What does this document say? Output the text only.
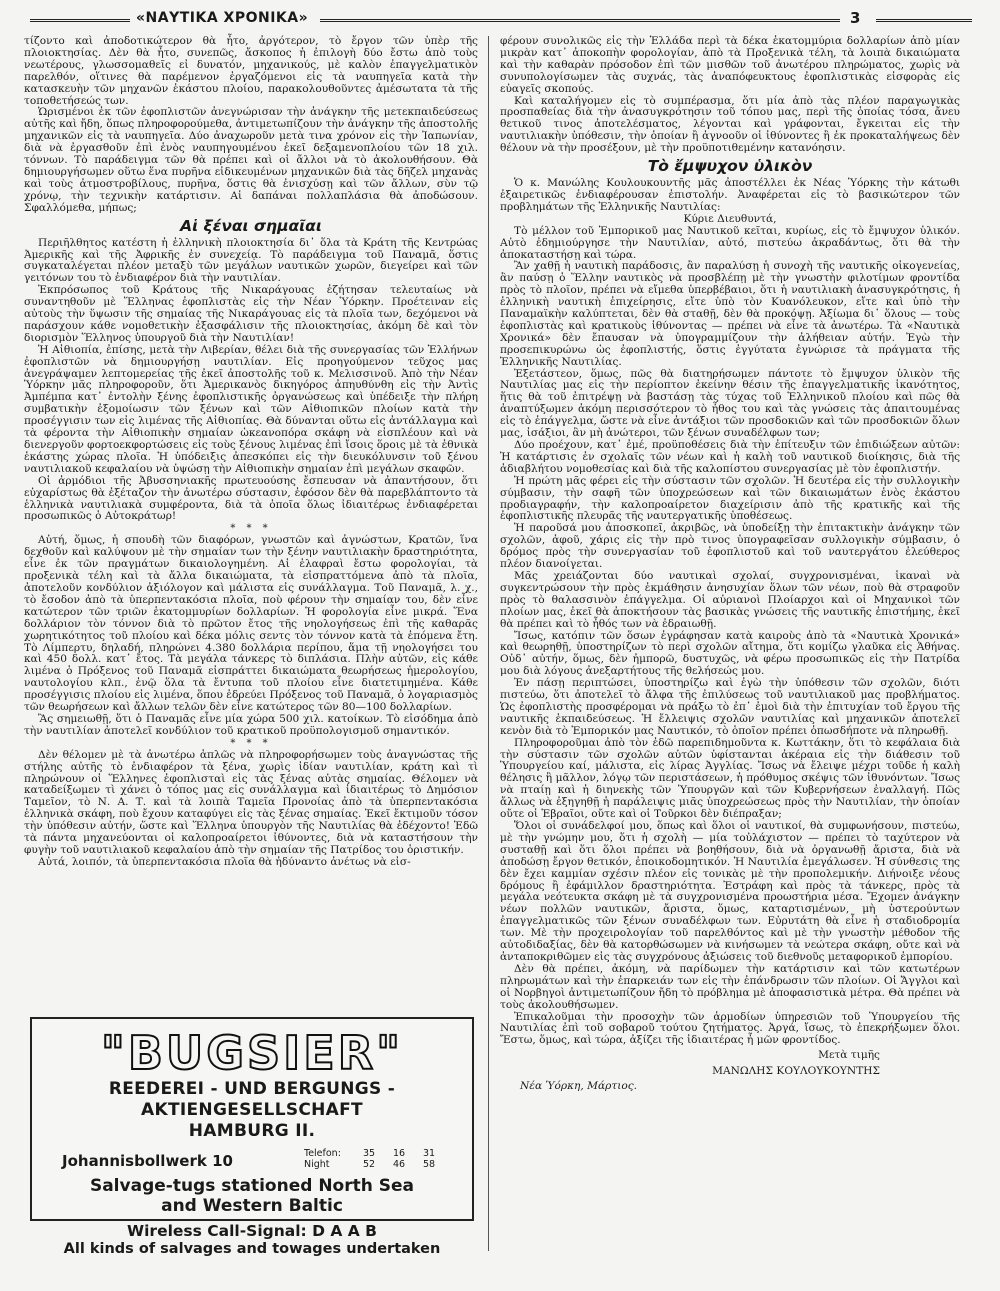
«ΝΑΥΤΙΚΑ ΧΡΟΝΙΚΑ»	3

τίζοντο καὶ ἀποδοτικώτερον θὰ ἦτο, ἀργότερον, τὸ ἔργον τῶν ὑπὲρ τῆς πλοιοκτησίας. Δὲν θὰ ἦτο, συνεπῶς, ἄσκοπος ἡ ἐπιλογὴ δύο ἔστω ἀπὸ τοὺς νεωτέρους, γλωσσομαθεῖς εἰ δυνατόν, μηχανικούς, μὲ καλὸν ἐπαγγελματικὸν παρελθόν, οἵτινες θὰ παρέμενον ἐργαζόμενοι εἰς τὰ ναυπηγεῖα κατὰ τὴν κατασκευὴν τῶν μηχανῶν ἑκάστου πλοίου, παρακολουθοῦντες ἀμέσωτατα τὰ τῆς τοποθετήσεώς των.

Ὡρισμένοι ἐκ τῶν ἐφοπλιστῶν ἀνεγνώρισαν τὴν ἀνάγκην τῆς μετεκπαιδεύσεως αὐτῆς καὶ ἤδη, ὅπως πληροφορούμεθα, ἀντιμετωπίζουν τὴν ἀνάγκην τῆς ἀποστολῆς μηχανικῶν εἰς τὰ ναυπηγεῖα. Δύο ἀναχωροῦν μετὰ τινα χρόνον εἰς τὴν Ἰαπωνίαν, διὰ νὰ ἐργασθοῦν ἐπὶ ἑνὸς ναυπηγουμένου ἐκεῖ δεξαμενοπλοίου τῶν 18 χιλ. τόννων. Τὸ παράδειγμα τῶν θὰ πρέπει καὶ οἱ ἄλλοι νὰ τὸ ἀκολουθήσουν. Θὰ δημιουργήσωμεν οὕτω ἕνα πυρῆνα εἰδικευμένων μηχανικῶν διὰ τὰς δῆζελ μηχανὰς καὶ τοὺς ἀτμοστροβίλους, πυρῆνα, ὅστις θὰ ἐνισχύσῃ καὶ τῶν ἄλλων, σὺν τῷ χρόνῳ, τὴν τεχνικὴν κατάρτισιν. Αἱ δαπάναι πολλαπλάσια θὰ ἀποδώσουν. Σφαλλόμεθα, μήπως;

Αἱ ξέναι σημαῖαι

Περιῆλθητος κατέστη ἡ ἑλληνικὴ πλοιοκτησία δι᾽ ὅλα τὰ Κράτη τῆς Κεντρώας Ἀμερικῆς καὶ τῆς Ἀφρικῆς ἐν συνεχείᾳ. Τὸ παράδειγμα τοῦ Παναμᾶ, ὅστις συγκαταλέγεται πλέον μεταξὺ τῶν μεγάλων ναυτικῶν χωρῶν, διεγείρει καὶ τῶν γειτόνων του τὸ ἐνδιαφέρον διὰ τὴν ναυτιλίαν.

Ἐκπρόσωπος τοῦ Κράτους τῆς Νικαράγουας ἐζήτησαν τελευταίως νὰ συναντηθοῦν μὲ Ἕλληνας ἐφοπλιστὰς εἰς τὴν Νέαν Ὑόρκην. Προέτειναν εἰς αὐτοὺς τὴν ὕψωσιν τῆς σημαίας τῆς Νικαράγουας εἰς τὰ πλοῖα των, δεχόμενοι νὰ παράσχουν κάθε νομοθετικὴν ἐξασφάλισιν τῆς πλοιοκτησίας, ἀκόμη δὲ καὶ τὸν διορισμὸν Ἕλληνος ὑπουργοῦ διὰ τὴν Ναυτιλίαν!

Ἡ Αἰθιοπία, ἐπίσης, μετὰ τὴν Λιβερίαν, θέλει διὰ τῆς συνεργασίας τῶν Ἑλλήνων ἐφοπλιστῶν νὰ δημιουργήσῃ ναυτιλίαν. Εἰς προηγούμενον τεῦχος μας ἀνεγράψαμεν λεπτομερείας τῆς ἐκεῖ ἀποστολῆς τοῦ κ. Μελισσινοῦ. Ἀπὸ τὴν Νέαν Ὑόρκην μᾶς πληροφοροῦν, ὅτι Ἀμερικανὸς δικηγόρος ἀπηυθύνθη εἰς τὴν Ἀντὶς Ἀμπέμπα κατ᾽ ἐντολὴν ξένης ἐφοπλιστικῆς ὀργανώσεως καὶ ὑπέδειξε τὴν πλήρη συμβατικὴν ἐξομοίωσιν τῶν ξένων καὶ τῶν Αἰθιοπικῶν πλοίων κατὰ τὴν προσέγγισιν των εἰς λιμένας τῆς Αἰθιοπίας. Θὰ δύνανται οὕτω εἰς ἀντάλλαγμα καὶ τὰ φέροντα τὴν Αἰθιοπικὴν σημαίαν ὠκεανοπόρα σκάφη νὰ εἰσπλέουν καὶ νὰ διενεργοῦν φορτοεκφορτώσεις εἰς τοὺς ξένους λιμένας ἐπὶ ἴσοις ὅροις μὲ τὰ ἐθνικὰ ἑκάστης χώρας πλοῖα. Ἡ ὑπόδειξις ἀπεσκόπει εἰς τὴν διευκόλυνσιν τοῦ ξένου ναυτιλιακοῦ κεφαλαίου νὰ ὑψώσῃ τὴν Αἰθιοπικὴν σημαίαν ἐπὶ μεγάλων σκαφῶν.

Οἱ ἁρμόδιοι τῆς Ἀβυσσηνιακῆς πρωτευούσης ἔσπευσαν νὰ ἀπαντήσουν, ὅτι εὐχαρίστως θὰ ἐξέταζον τὴν ἀνωτέρω σύστασιν, ἐφόσον δὲν θὰ παρεβλάπτοντο τὰ ἑλληνικὰ ναυτιλιακὰ συμφέροντα, διὰ τὰ ὁποῖα ὅλως ἰδιαιτέρως ἐνδιαφέρεται προσωπικῶς ὁ Αὐτοκράτωρ!

* * *

Αὐτή, ὅμως, ἡ σπουδὴ τῶν διαφόρων, γνωστῶν καὶ ἀγνώστων, Κρατῶν, ἵνα δεχθοῦν καὶ καλύψουν μὲ τὴν σημαίαν των τὴν ξένην ναυτιλιακὴν δραστηριότητα, εἶνε ἐκ τῶν πραγμάτων δικαιολογημένη. Αἱ ἐλαφραὶ ἔστω φορολογίαι, τὰ προξενικὰ τέλη καὶ τὰ ἄλλα δικαιώματα, τὰ εἰσπραττόμενα ἀπὸ τὰ πλοῖα, ἀποτελοῦν κονδύλιον ἀξιόλογον καὶ μάλιστα εἰς συνάλλαγμα. Τοῦ Παναμᾶ, λ. χ., τὸ ἔσοδον ἀπὸ τὰ ὑπερπεντακόσια πλοῖα, ποὺ φέρουν τὴν σημαίαν του, δὲν εἶνε κατώτερον τῶν τριῶν ἑκατομμυρίων δολλαρίων. Ἡ φορολογία εἶνε μικρά. Ἕνα δολλάριον τὸν τόννον διὰ τὸ πρῶτον ἔτος τῆς νηολογήσεως ἐπὶ τῆς καθαρᾶς χωρητικότητος τοῦ πλοίου καὶ δέκα μόλις σεντς τὸν τόννον κατὰ τὰ ἑπόμενα ἔτη. Τὸ Λίμπερτυ, δηλαδή, πληρώνει 4.380 δολλάρια περίπου, ἅμα τῇ νηολογήσει του καὶ 450 δολλ. κατ᾽ ἔτος. Τὰ μεγάλα τάνκερς τὸ διπλάσια. Πλὴν αὐτῶν, εἰς κάθε λιμένα ὁ Πρόξενος τοῦ Παναμᾶ εἰσπράττει δικαιώματα θεωρήσεως ἡμερολογίου, ναυτολογίου κλπ., ἐνῷ ὅλα τὰ ἔντυπα τοῦ πλοίου εἶνε διατετιμημένα. Κάθε προσέγγισις πλοίου εἰς λιμένα, ὅπου ἐδρεύει Πρόξενος τοῦ Παναμᾶ, ὁ λογαριασμὸς τῶν θεωρήσεων καὶ ἄλλων τελῶν δὲν εἶνε κατώτερος τῶν 80—100 δολλαρίων.

Ἂς σημειωθῇ, ὅτι ὁ Παναμᾶς εἶνε μία χώρα 500 χιλ. κατοίκων. Τὸ εἰσόδημα ἀπὸ τὴν ναυτιλίαν ἀποτελεῖ κονδύλιον τοῦ κρατικοῦ προϋπολογισμοῦ σημαντικόν.

* * *

Δὲν θέλομεν μὲ τὰ ἀνωτέρω ἁπλῶς νὰ πληροφορήσωμεν τοὺς ἀναγνώστας τῆς στήλης αὐτῆς τὸ ἐνδιαφέρον τὰ ξένα, χωρὶς ἰδίαν ναυτιλίαν, κράτη καὶ τὶ πληρώνουν οἱ Ἕλληνες ἐφοπλισταὶ εἰς τὰς ξένας αὐτὰς σημαίας. Θέλομεν νὰ καταδείξωμεν τὶ χάνει ὁ τόπος μας εἰς συνάλλαγμα καὶ ἰδιαιτέρως τὸ Δημόσιον Ταμεῖον, τὸ Ν. Α. Τ. καὶ τὰ λοιπὰ Ταμεῖα Προνοίας ἀπὸ τὰ ὑπερπεντακόσια ἑλληνικὰ σκάφη, ποὺ ἔχουν καταφύγει εἰς τὰς ξένας σημαίας. Ἐκεῖ ἔκτιμοῦν τόσον τὴν ὑπόθεσιν αὐτήν, ὥστε καὶ Ἕλληνα ὑπουργὸν τῆς Ναυτιλίας θὰ ἐδέχοντο! Ἐδῶ τὰ πάντα μηχανεύονται οἱ καλοπροαίρετοι ἰθύνοντες, διὰ νὰ καταστήσουν τὴν φυγὴν τοῦ ναυτιλιακοῦ κεφαλαίου ἀπὸ τὴν σημαίαν τῆς Πατρίδος του ὁριστικήν.

Αὐτά, λοιπόν, τὰ ὑπερπεντακόσια πλοῖα θὰ ἠδύναντο ἀνέτως νὰ εἰσ-

"BUGSIER"
REEDEREI - UND BERGUNGS - AKTIENGESELLSCHAFT
HAMBURG II.
Johannisbollwerk 10	Telefon: 35 16 31
Night	52 46 58
Salvage-tugs stationed North Sea
and Western Baltic
Wireless Call-Signal: D A A B
All kinds of salvages and towages undertaken

φέρουν συνολικῶς εἰς τὴν Ἑλλάδα περὶ τὰ δέκα ἑκατομμύρια δολλαρίων ἀπὸ μίαν μικρὰν κατ᾽ ἀποκοπὴν φορολογίαν, ἀπὸ τὰ Προξενικὰ τέλη, τὰ λοιπὰ δικαιώματα καὶ τὴν καθαρὰν πρόσοδον ἐπὶ τῶν μισθῶν τοῦ ἀνωτέρου πληρώματος, χωρὶς νὰ συνυπολογίσωμεν τὰς συχνάς, τὰς ἀναπόφευκτους ἐφοπλιστικὰς εἰσφορὰς εἰς εὐαγεῖς σκοπούς.

Καὶ καταλήγομεν εἰς τὸ συμπέρασμα, ὅτι μία ἀπὸ τὰς πλέον παραγωγικὰς προσπαθείας διὰ τὴν ἀνασυγκρότησιν τοῦ τόπου μας, περὶ τῆς ὁποίας τόσα, ἄνευ θετικοῦ τινος ἀποτελέσματος, λέγονται καὶ γράφονται, ἔγκειται εἰς τὴν ναυτιλιακὴν ὑπόθεσιν, τὴν ὁποίαν ἢ ἀγνοοῦν οἱ ἰθύνοντες ἢ ἐκ προκαταλήψεως δὲν θέλουν νὰ τὴν προσέξουν, μὲ τὴν προϋποτιθεμένην κατανόησιν.

Τὸ ἔμψυχον ὑλικὸν

Ὁ κ. Μανώλης Κουλουκουντῆς μᾶς ἀποστέλλει ἐκ Νέας Ὑόρκης τὴν κάτωθι ἐξαιρετικῶς ἐνδιαφέρουσαν ἐπιστολήν. Ἀναφέρεται εἰς τὸ βασικώτερον τῶν προβλημάτων τῆς Ἑλληνικῆς Ναυτιλίας:

Κύριε Διευθυντά,

Τὸ μέλλον τοῦ Ἐμπορικοῦ μας Ναυτικοῦ κεῖται, κυρίως, εἰς τὸ ἔμψυχον ὑλικόν. Αὐτὸ ἐδημιούργησε τὴν Ναυτιλίαν, αὐτό, πιστεύω ἀκραδάντως, ὅτι θὰ τὴν ἀποκαταστήσῃ καὶ τώρα.

Ἂν χαθῇ ἡ ναυτικὴ παράδοσις, ἂν παραλύσῃ ἡ συνοχὴ τῆς ναυτικῆς οἰκογενείας, ἂν παύσῃ ὁ Ἕλλην ναυτικὸς νὰ προσβλέπῃ μὲ τὴν γνωστὴν φιλοτίμων φροντίδα πρὸς τὸ πλοῖον, πρέπει νὰ εἴμεθα ὑπερβέβαιοι, ὅτι ἡ ναυτιλιακὴ ἀνασυγκρότησις, ἡ ἑλληνικὴ ναυτικὴ ἐπιχείρησις, εἴτε ὑπὸ τὸν Κυανόλευκον, εἴτε καὶ ὑπὸ τὴν Παναμαϊκὴν καλύπτεται, δὲν θὰ σταθῇ, δὲν θὰ προκόψῃ. Ἀξίωμα δι᾽ ὅλους — τοὺς ἐφοπλιστὰς καὶ κρατικοὺς ἰθύνοντας — πρέπει νὰ εἶνε τὰ ἀνωτέρω. Τὰ «Ναυτικὰ Χρονικά» δὲν ἔπαυσαν νὰ ὑπογραμμίζουν τὴν ἀλήθειαν αὐτήν. Ἐγὼ τὴν προσεπικυρώνω ὡς ἐφοπλιστής, ὅστις ἐγγύτατα ἐγνώρισε τὰ πράγματα τῆς Ἑλληνικῆς Ναυτιλίας.

Ἐξετάστεον, ὅμως, πῶς θὰ διατηρήσωμεν πάντοτε τὸ ἔμψυχον ὑλικὸν τῆς Ναυτιλίας μας εἰς τὴν περίοπτον ἐκείνην θέσιν τῆς ἐπαγγελματικῆς ἱκανότητος, ἥτις θὰ τοῦ ἐπιτρέψῃ νὰ βαστάσῃ τὰς τύχας τοῦ Ἑλληνικοῦ πλοίου καὶ πῶς θὰ ἀναπτύξωμεν ἀκόμη περισσότερον τὸ ἦθος του καὶ τὰς γνώσεις τὰς ἀπαιτουμένας εἰς τὸ ἐπάγγελμα, ὥστε νὰ εἶνε ἀντάξιοι τῶν προσδοκιῶν καὶ τῶν προσδοκιῶν ὅλων μας, ἰσάξιοι, ἂν μὴ ἀνώτεροι, τῶν ξένων συναδέλφων των;

Δύο προέχουν, κατ᾽ ἐμέ, προϋποθέσεις διὰ τὴν ἐπίτευξιν τῶν ἐπιδιώξεων αὐτῶν: Ἡ κατάρτισις ἐν σχολαῖς τῶν νέων καὶ ἡ καλὴ τοῦ ναυτικοῦ διοίκησις, διὰ τῆς ἀδιαβλήτου νομοθεσίας καὶ διὰ τῆς καλοπίστου συνεργασίας μὲ τὸν ἐφοπλιστήν.

Ἡ πρώτη μᾶς φέρει εἰς τὴν σύστασιν τῶν σχολῶν. Ἡ δευτέρα εἰς τὴν συλλογικὴν σύμβασιν, τὴν σαφῆ τῶν ὑποχρεώσεων καὶ τῶν δικαιωμάτων ἑνὸς ἑκάστου προδιαγραφήν, τὴν καλοπροαίρετον διαχείρισιν ἀπὸ τῆς κρατικῆς καὶ τῆς ἐφοπλιστικῆς πλευρᾶς τῆς ναυτεργατικῆς ὑποθέσεως.

Ἡ παροῦσά μου ἀποσκοπεῖ, ἀκριβῶς, νὰ ὑποδείξῃ τὴν ἐπιτακτικὴν ἀνάγκην τῶν σχολῶν, ἀφοῦ, χάρις εἰς τὴν πρὸ τινος ὑπογραφεῖσαν συλλογικὴν σύμβασιν, ὁ δρόμος πρὸς τὴν συνεργασίαν τοῦ ἐφοπλιστοῦ καὶ τοῦ ναυτεργάτου ἐλεύθερος πλέον διανοίγεται.

Μᾶς χρειάζονται δύο ναυτικαὶ σχολαί, συγχρονισμέναι, ἱκαναὶ νὰ συγκεντρώσουν τὴν πρὸς ἐκμάθησιν ἀνησυχίαν ὅλων τῶν νέων, ποὺ θὰ στραφοῦν πρὸς τὸ θαλασσινὸν ἐπάγγελμα. Οἱ αὐριανοὶ Πλοίαρχοι καὶ οἱ Μηχανικοὶ τῶν πλοίων μας, ἐκεῖ θὰ ἀποκτήσουν τὰς βασικὰς γνώσεις τῆς ναυτικῆς ἐπιστήμης, ἐκεῖ θὰ πρέπει καὶ τὸ ἦθός των νὰ ἐδραιωθῇ.

Ἴσως, κατόπιν τῶν ὅσων ἐγράφησαν κατὰ καιροὺς ἀπὸ τὰ «Ναυτικὰ Χρονικά» καὶ θεωρηθῇ, ὑποστηρίζων τὸ περὶ σχολῶν αἴτημα, ὅτι κομίζω γλαῦκα εἰς Ἀθήνας. Οὐδ᾽ αὐτήν, ὅμως, δὲν ἠμπορῶ, δυστυχῶς, νὰ φέρω προσωπικῶς εἰς τὴν Πατρίδα μου διὰ λόγους ἀνεξαρτήτους τῆς θελήσεώς μου.

Ἐν πάσῃ περιπτώσει, ὑποστηρίζω καὶ ἐγὼ τὴν ὑπόθεσιν τῶν σχολῶν, διότι πιστεύω, ὅτι ἀποτελεῖ τὸ ἄλφα τῆς ἐπιλύσεως τοῦ ναυτιλιακοῦ μας προβλήματος. Ὡς ἐφοπλιστὴς προσφέρομαι νὰ πράξω τὸ ἐπ᾽ ἐμοὶ διὰ τὴν ἐπιτυχίαν τοῦ ἔργου τῆς ναυτικῆς ἐκπαιδεύσεως. Ἡ ἔλλειψις σχολῶν ναυτιλίας καὶ μηχανικῶν ἀποτελεῖ κενὸν διὰ τὸ Ἐμπορικόν μας Ναυτικόν, τὸ ὁποῖον πρέπει ὁπωσδήποτε νὰ πληρωθῇ.

Πληροφοροῦμαι ἀπὸ τὸν ἐδῶ παρεπιδημοῦντα κ. Κωττάκην, ὅτι τὸ κεφάλαια διὰ τὴν σύστασιν τῶν σχολῶν αὐτῶν ὑφίστανται ἀκέραια εἰς τὴν διάθεσιν τοῦ Ὑπουργείου καί, μάλιστα, εἰς λίρας Ἀγγλίας. Ἴσως νὰ ἔλειψε μέχρι τοῦδε ἡ καλὴ θέλησις ἢ μᾶλλον, λόγῳ τῶν περιστάσεων, ἡ πρόθυμος σκέψις τῶν ἰθυνόντων. Ἴσως νὰ πταίῃ καὶ ἡ διηνεκὴς τῶν Ὑπουργῶν καὶ τῶν Κυβερνήσεων ἐναλλαγή. Πῶς ἄλλως νὰ ἐξηγηθῇ ἡ παράλειψις μιᾶς ὑποχρεώσεως πρὸς τὴν Ναυτιλίαν, τὴν ὁποίαν οὔτε οἱ Ἑβραῖοι, οὔτε καὶ οἱ Τοῦρκοι δὲν διέπραξαν;

Ὅλοι οἱ συνάδελφοί μου, ὅπως καὶ ὅλοι οἱ ναυτικοί, θὰ συμφωνήσουν, πιστεύω, μὲ τὴν γνώμην μου, ὅτι ἡ σχολὴ — μία τοὐλάχιστον — πρέπει τὸ ταχύτερον νὰ συσταθῇ καὶ ὅτι ὅλοι πρέπει νὰ βοηθήσουν, διὰ νὰ ὀργανωθῇ ἄριστα, διὰ νὰ ἀποδώσῃ ἔργον θετικόν, ἐποικοδομητικόν. Ἡ Ναυτιλία ἐμεγάλωσεν. Ἡ σύνθεσις της δὲν ἔχει καμμίαν σχέσιν πλέον εἰς τονικὰς μὲ τὴν προπολεμικήν. Διήνοιξε νέους δρόμους ἢ ἐφάμιλλον δραστηριότητα. Ἐστράφη καὶ πρὸς τὰ τάνκερς, πρὸς τὰ μεγάλα νεότευκτα σκάφη μὲ τὰ συγχρονισμένα προωστήρια μέσα. Ἔχομεν ἀνάγκην νέων πολλῶν ναυτικῶν, ἄριστα, ὅμως, καταρτισμένων, μὴ ὑστερούντων ἐπαγγελματικῶς τῶν ξένων συναδέλφων των. Εὐρυτάτη θὰ εἶνε ἡ σταδιοδρομία των. Μὲ τὴν προχειρολογίαν τοῦ παρελθόντος καὶ μὲ τὴν γνωστὴν μέθοδον τῆς αὐτοδιδαξίας, δὲν θὰ κατορθώσωμεν νὰ κινήσωμεν τὰ νεώτερα σκάφη, οὔτε καὶ νὰ ἀνταποκριθῶμεν εἰς τὰς συγχρόνους ἀξιώσεις τοῦ διεθνοῦς μεταφορικοῦ ἐμπορίου.

Δὲν θὰ πρέπει, ἀκόμη, νὰ παρίδωμεν τὴν κατάρτισιν καὶ τῶν κατωτέρων πληρωμάτων καὶ τὴν ἐπαρκειάν των εἰς τὴν ἐπάνδρωσιν τῶν πλοίων. Οἱ Ἄγγλοι καὶ οἱ Νορβηγοὶ ἀντιμετωπίζουν ἤδη τὸ πρόβλημα μὲ ἀποφασιστικὰ μέτρα. Θὰ πρέπει νὰ τοὺς ἀκολουθήσωμεν.

Ἐπικαλοῦμαι τὴν προσοχὴν τῶν ἁρμοδίων ὑπηρεσιῶν τοῦ Ὑπουργείου τῆς Ναυτιλίας ἐπὶ τοῦ σοβαροῦ τούτου ζητήματος. Ἀργά, ἴσως, τὸ ἐπεκρήξωμεν ὅλοι. Ἔστω, ὅμως, καὶ τώρα, ἀξίζει τῆς ἰδιαιτέρας ἦ μῶν φροντίδος.

Μετὰ τιμῆς
ΜΑΝΩΛΗΣ ΚΟΥΛΟΥΚΟΥΝΤΗΣ
Νέα Ὑόρκη, Μάρτιος.
